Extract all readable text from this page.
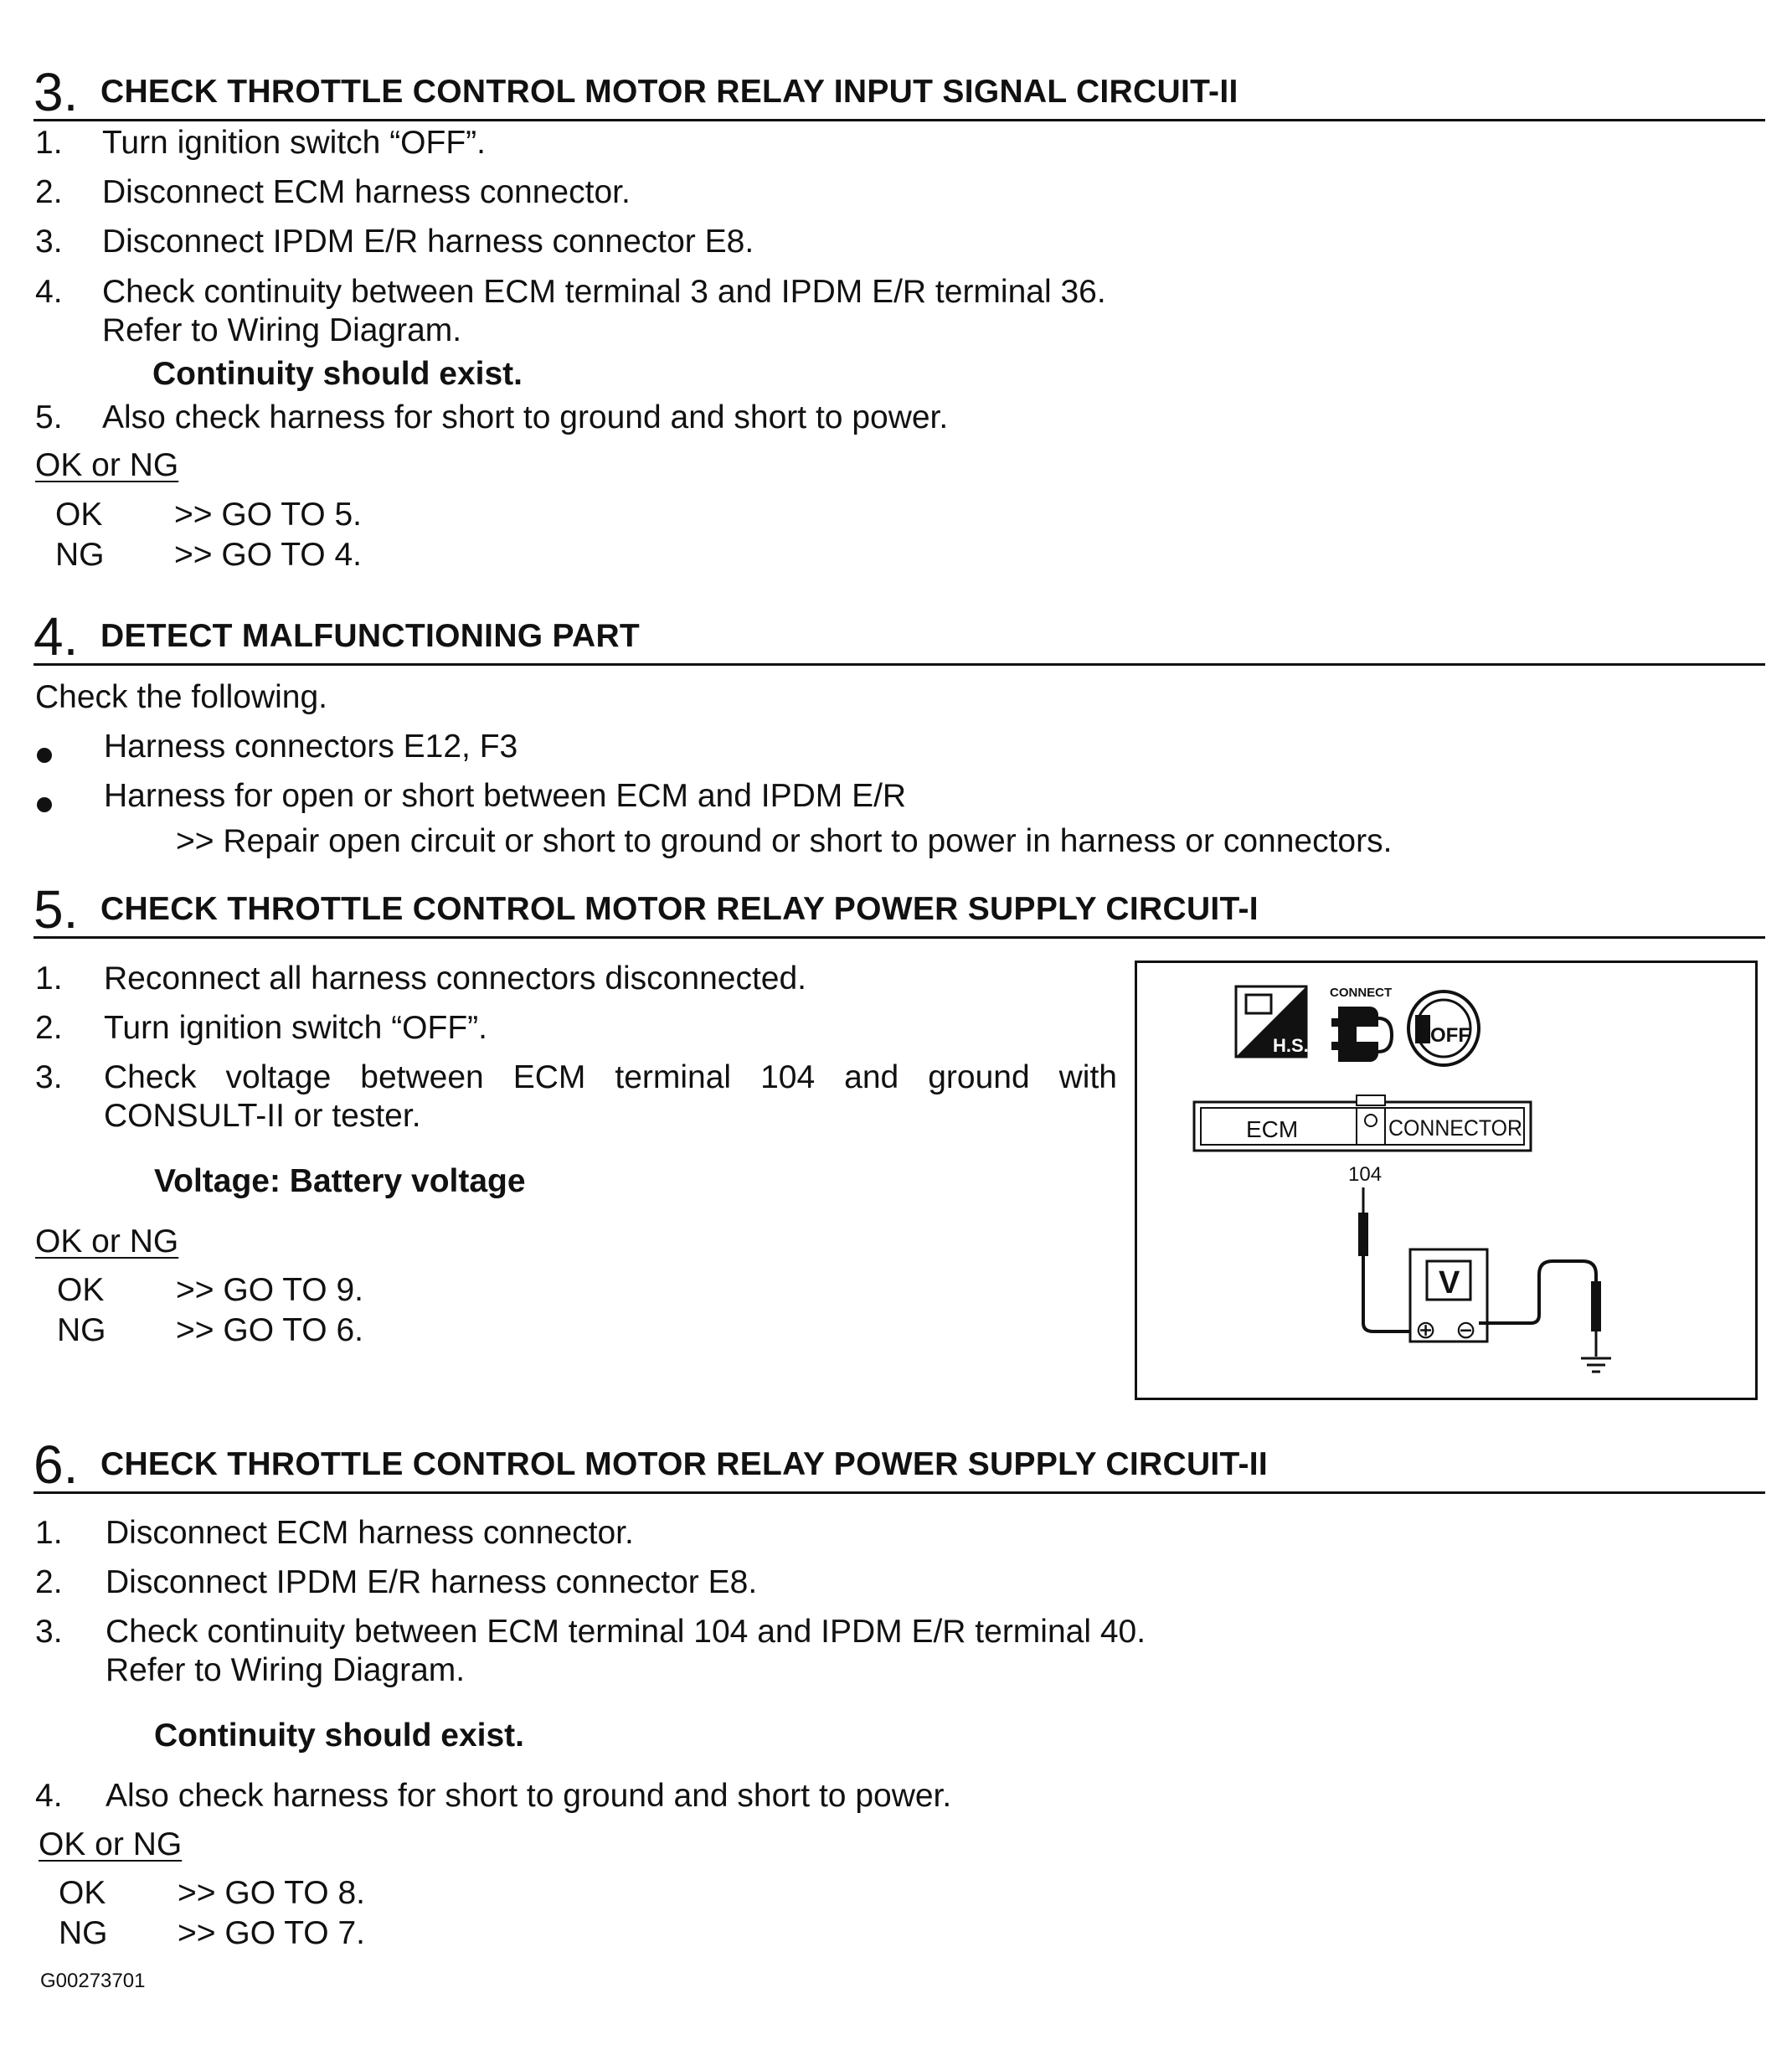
3. CHECK THROTTLE CONTROL MOTOR RELAY INPUT SIGNAL CIRCUIT-II
1. Turn ignition switch “OFF”.
2. Disconnect ECM harness connector.
3. Disconnect IPDM E/R harness connector E8.
4. Check continuity between ECM terminal 3 and IPDM E/R terminal 36.
Refer to Wiring Diagram.
Continuity should exist.
5. Also check harness for short to ground and short to power.
OK or NG
OK >> GO TO 5.
NG >> GO TO 4.
4. DETECT MALFUNCTIONING PART
Check the following.
Harness connectors E12, F3
Harness for open or short between ECM and IPDM E/R
>> Repair open circuit or short to ground or short to power in harness or connectors.
5. CHECK THROTTLE CONTROL MOTOR RELAY POWER SUPPLY CIRCUIT-I
1. Reconnect all harness connectors disconnected.
2. Turn ignition switch “OFF”.
3. Check voltage between ECM terminal 104 and ground with
CONSULT-II or tester.
Voltage: Battery voltage
OK or NG
OK >> GO TO 9.
NG >> GO TO 6.
H.S.
CONNECT
OFF
ECM	CONNECTOR
104
V
⊕ ⊖
6. CHECK THROTTLE CONTROL MOTOR RELAY POWER SUPPLY CIRCUIT-II
1. Disconnect ECM harness connector.
2. Disconnect IPDM E/R harness connector E8.
3. Check continuity between ECM terminal 104 and IPDM E/R terminal 40.
Refer to Wiring Diagram.
Continuity should exist.
4. Also check harness for short to ground and short to power.
OK or NG
OK >> GO TO 8.
NG >> GO TO 7.
G00273701
